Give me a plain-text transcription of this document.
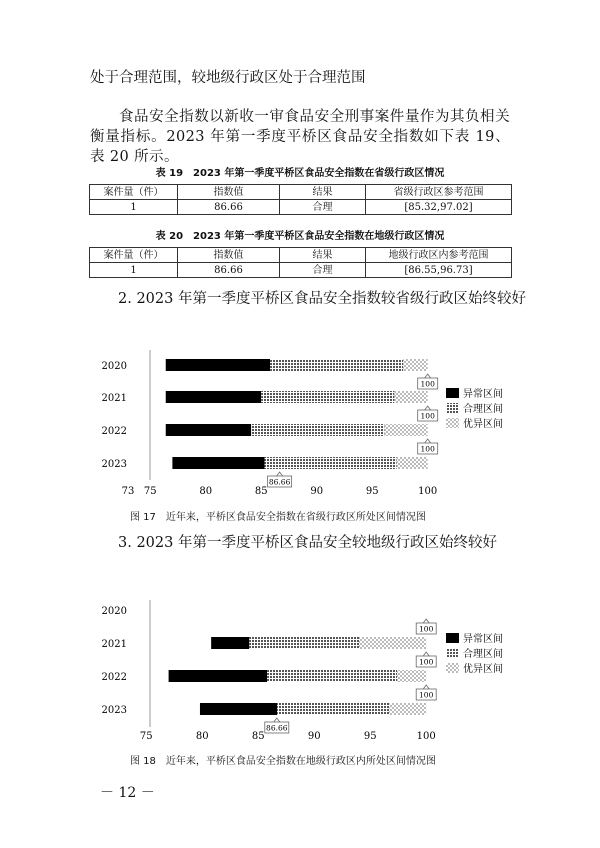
处于合理范围，较地级行政区处于合理范围
食品安全指数以新收一审食品安全刑事案件量作为其负相关衡量指标。2023 年第一季度平桥区食品安全指数如下表 19、表 20 所示。
表 19　2023 年第一季度平桥区食品安全指数在省级行政区情况
案件量（件）	指数值	结果	省级行政区参考范围
1	86.66	合理	[85.32,97.02]
表 20　2023 年第一季度平桥区食品安全指数在地级行政区情况
案件量（件）	指数值	结果	地级行政区内参考范围
1	86.66	合理	[86.55,96.73]
2. 2023 年第一季度平桥区食品安全指数较省级行政区始终较好
2020
2021
2022
2023
100
100
100
86.66
73 75	80	85	90	95	100
异常区间
合理区间
优异区间
图 17　近年来，平桥区食品安全指数在省级行政区所处区间情况图
3. 2023 年第一季度平桥区食品安全较地级行政区始终较好
2020
2021
2022
2023
100
100
100
86.66
75	80	85	90	95	100
异常区间
合理区间
优异区间
图 18　近年来，平桥区食品安全指数在地级行政区内所处区间情况图
－ 12 －
